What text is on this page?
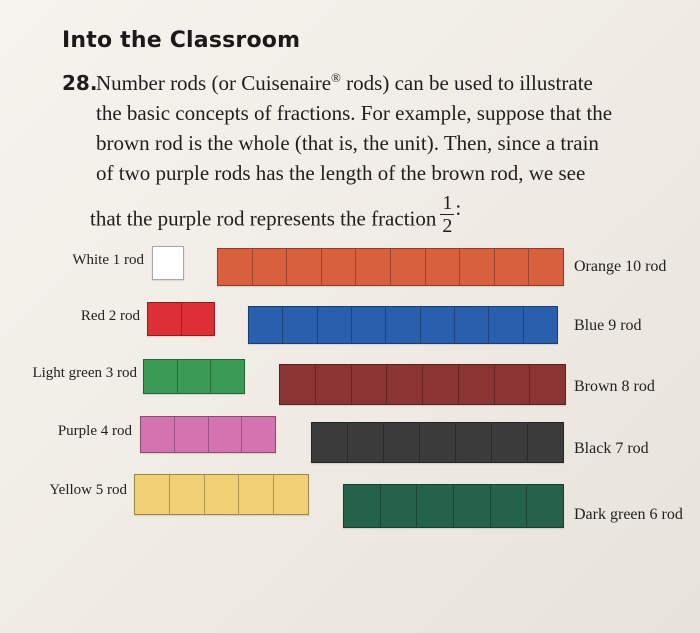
Into the Classroom
28.
Number rods (or Cuisenaire® rods) can be used to illustrate
the basic concepts of fractions. For example, suppose that the
brown rod is the whole (that is, the unit). Then, since a train
of two purple rods has the length of the brown rod, we see
that the purple rod represents the fraction $\frac{1}{2}$ :
White 1 rod
Red 2 rod
Light green 3 rod
Purple 4 rod
Yellow 5 rod
Orange 10 rod
Blue 9 rod
Brown 8 rod
Black 7 rod
Dark green 6 rod
